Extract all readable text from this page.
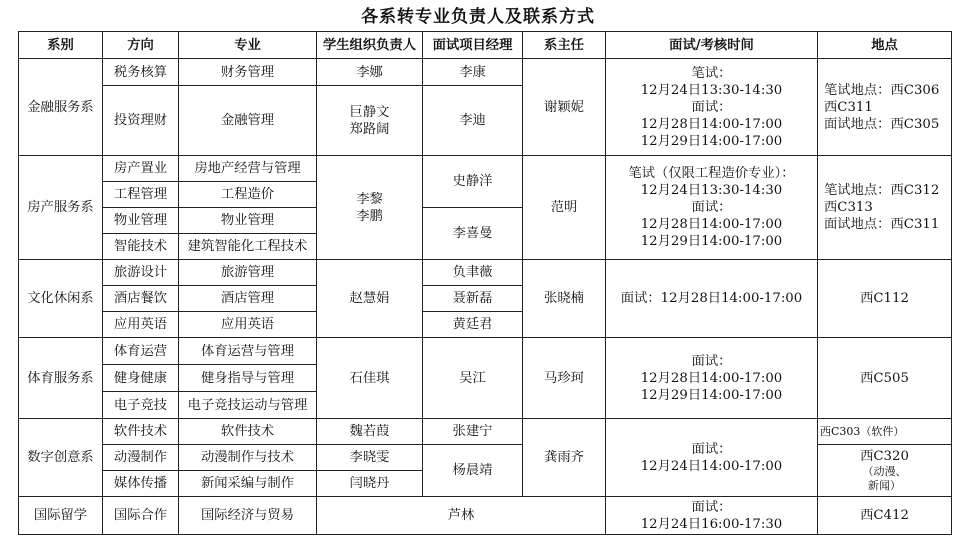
各系转专业负责人及联系方式
系别	方向	专业	学生组织负责人	面试项目经理	系主任	面试/考核时间	地点
金融服务系	税务核算	财务管理	李娜	李康	谢颖妮	笔试：
12月24日13:30-14:30
面试：
12月28日14:00-17:00
12月29日14:00-17:00	笔试地点：西C306
西C311
面试地点：西C305
	投资理财	金融管理	巨静文
郑路阔	李迪			
房产服务系	房产置业	房地产经营与管理	李黎
李鹏	史静洋	范明	笔试（仅限工程造价专业）：
12月24日13:30-14:30
面试：
12月28日14:00-17:00
12月29日14:00-17:00	笔试地点：西C312
西C313
面试地点：西C311
	工程管理	工程造价					
	物业管理	物业管理		李喜曼			
	智能技术	建筑智能化工程技术					
文化休闲系	旅游设计	旅游管理	赵慧娟	负聿薇	张晓楠	面试：12月28日14:00-17:00	西C112
	酒店餐饮	酒店管理		聂新磊			
	应用英语	应用英语		黄廷君			
体育服务系	体育运营	体育运营与管理	石佳琪	吴江	马珍珂	面试：
12月28日14:00-17:00
12月29日14:00-17:00	西C505
	健身健康	健身指导与管理					
	电子竞技	电子竞技运动与管理					
数字创意系	软件技术	软件技术	魏若葭	张建宁	龚雨齐	面试：
12月24日14:00-17:00	西C303（软件）
	动漫制作	动漫制作与技术	李晓雯	杨晨靖			西C320
（动漫、
新闻）

	媒体传播	新闻采编与制作	闫晓丹				
国际留学	国际合作	国际经济与贸易	芦林			面试：
12月24日16:00-17:30	西C412
